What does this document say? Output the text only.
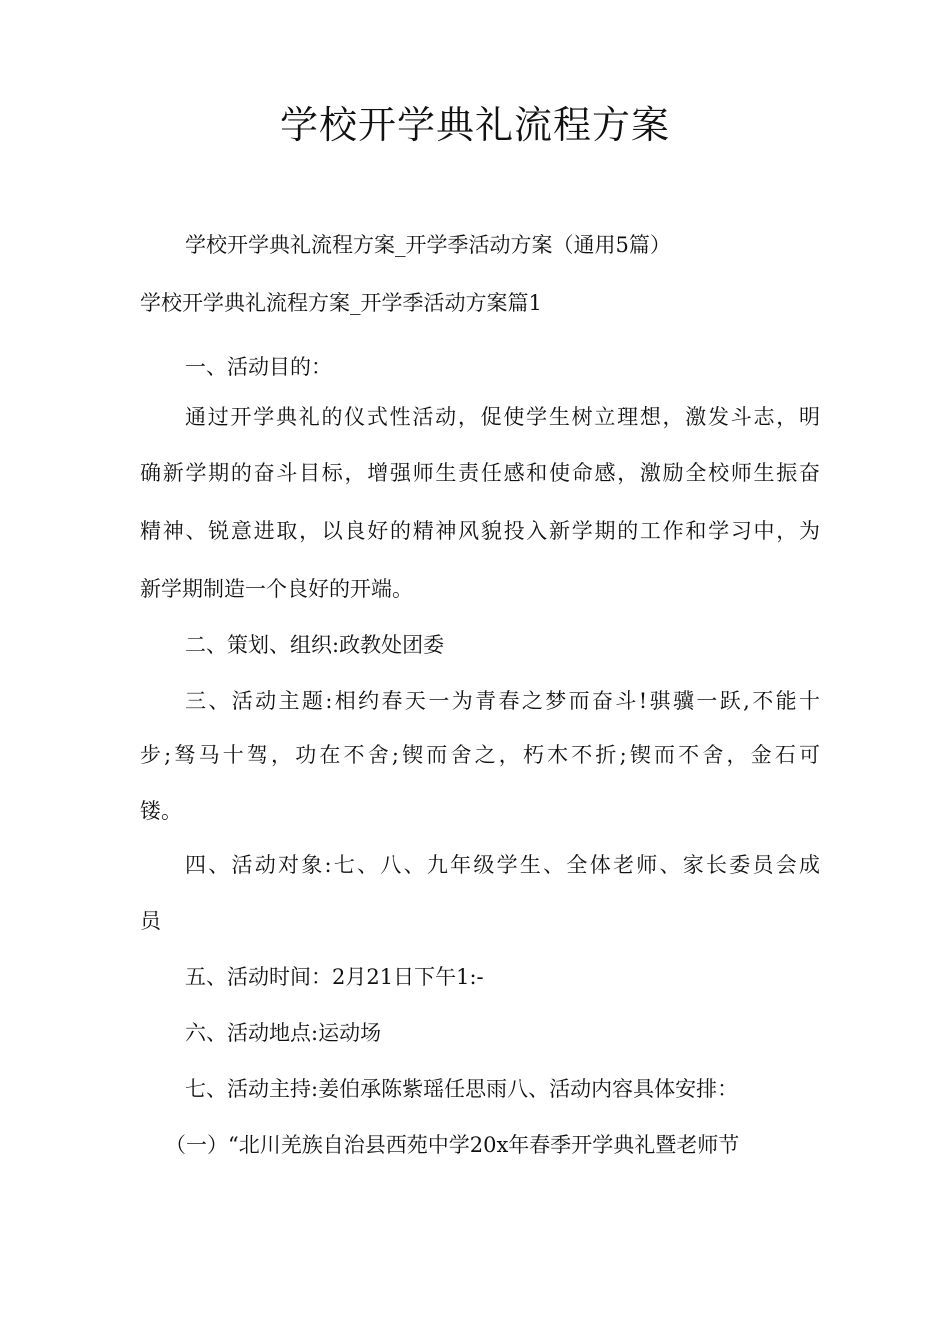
学校开学典礼流程方案

学校开学典礼流程方案_开学季活动方案（通用5篇）

学校开学典礼流程方案_开学季活动方案篇1

一、活动目的：

通过开学典礼的仪式性活动，促使学生树立理想，激发斗志，明

确新学期的奋斗目标，增强师生责任感和使命感，激励全校师生振奋

精神、锐意进取，以良好的精神风貌投入新学期的工作和学习中，为

新学期制造一个良好的开端。

二、策划、组织:政教处团委

三、活动主题:相约春天一为青春之梦而奋斗!骐骥一跃,不能十

步;驽马十驾，功在不舍;锲而舍之，朽木不折;锲而不舍，金石可

镂。

四、活动对象:七、八、九年级学生、全体老师、家长委员会成

员

五、活动时间：2月21日下午1:-

六、活动地点:运动场

七、活动主持:姜伯承陈紫瑶任思雨八、活动内容具体安排：

（一）“北川羌族自治县西苑中学20x年春季开学典礼暨老师节
